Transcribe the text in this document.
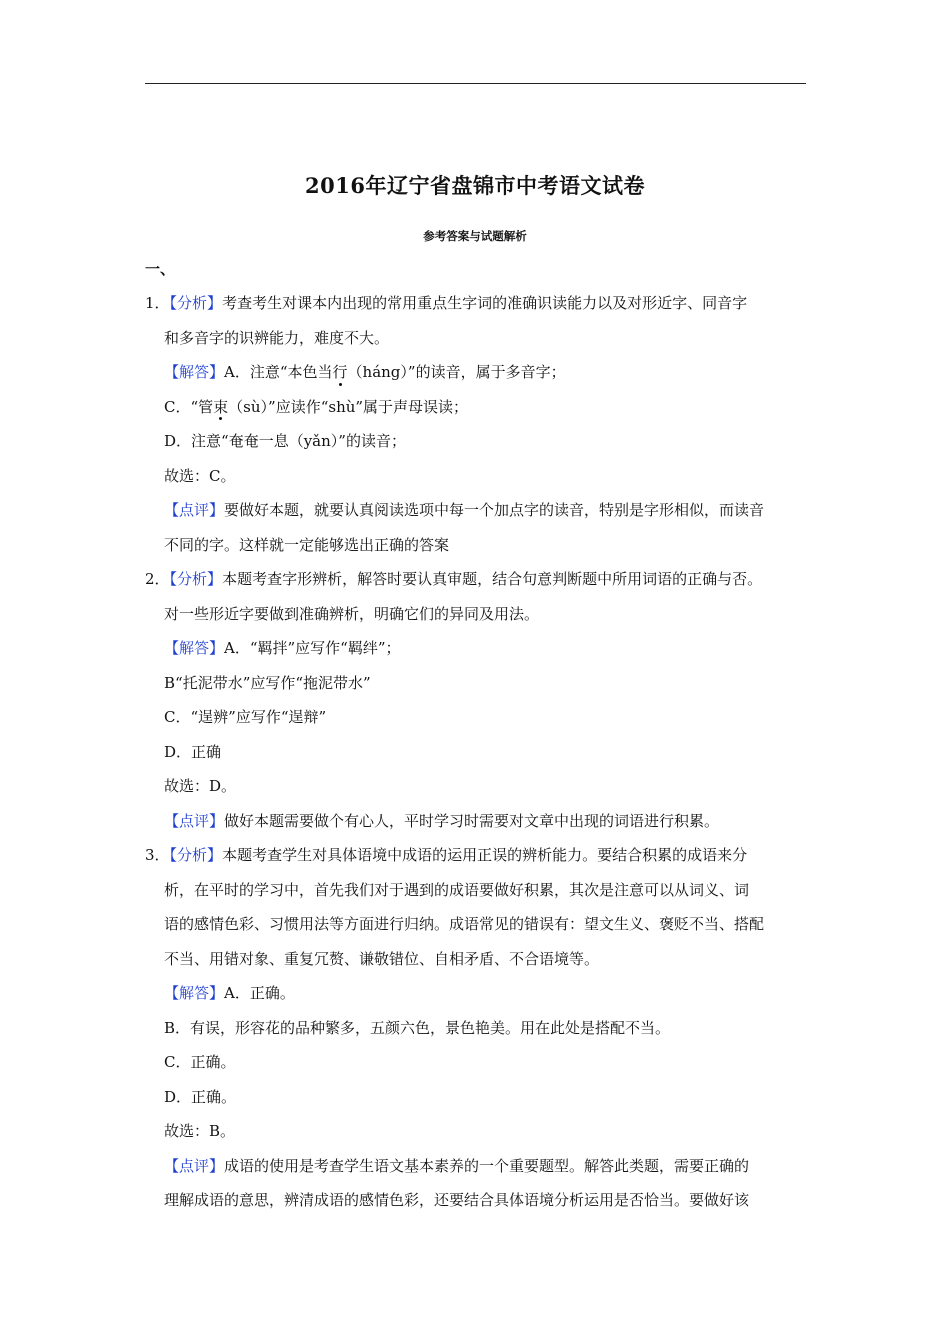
2016年辽宁省盘锦市中考语文试卷
参考答案与试题解析
一、
1．【分析】考查考生对课本内出现的常用重点生字词的准确识读能力以及对形近字、同音字
和多音字的识辨能力，难度不大。
【解答】A．注意“本色当行（háng）”的读音，属于多音字；
C．“管束（sù）”应读作“shù”属于声母误读；
D．注意“奄奄一息（yǎn）”的读音；
故选：C。
【点评】要做好本题，就要认真阅读选项中每一个加点字的读音，特别是字形相似，而读音
不同的字。这样就一定能够选出正确的答案
2．【分析】本题考查字形辨析，解答时要认真审题，结合句意判断题中所用词语的正确与否。
对一些形近字要做到准确辨析，明确它们的异同及用法。
【解答】A．“羁拌”应写作“羁绊”；
B“托泥带水”应写作“拖泥带水”
C．“逞辨”应写作“逞辩”
D．正确
故选：D。
【点评】做好本题需要做个有心人，平时学习时需要对文章中出现的词语进行积累。
3．【分析】本题考查学生对具体语境中成语的运用正误的辨析能力。要结合积累的成语来分
析，在平时的学习中，首先我们对于遇到的成语要做好积累，其次是注意可以从词义、词
语的感情色彩、习惯用法等方面进行归纳。成语常见的错误有：望文生义、褒贬不当、搭配
不当、用错对象、重复冗赘、谦敬错位、自相矛盾、不合语境等。
【解答】A．正确。
B．有误，形容花的品种繁多，五颜六色，景色艳美。用在此处是搭配不当。
C．正确。
D．正确。
故选：B。
【点评】成语的使用是考查学生语文基本素养的一个重要题型。解答此类题，需要正确的
理解成语的意思，辨清成语的感情色彩，还要结合具体语境分析运用是否恰当。要做好该
